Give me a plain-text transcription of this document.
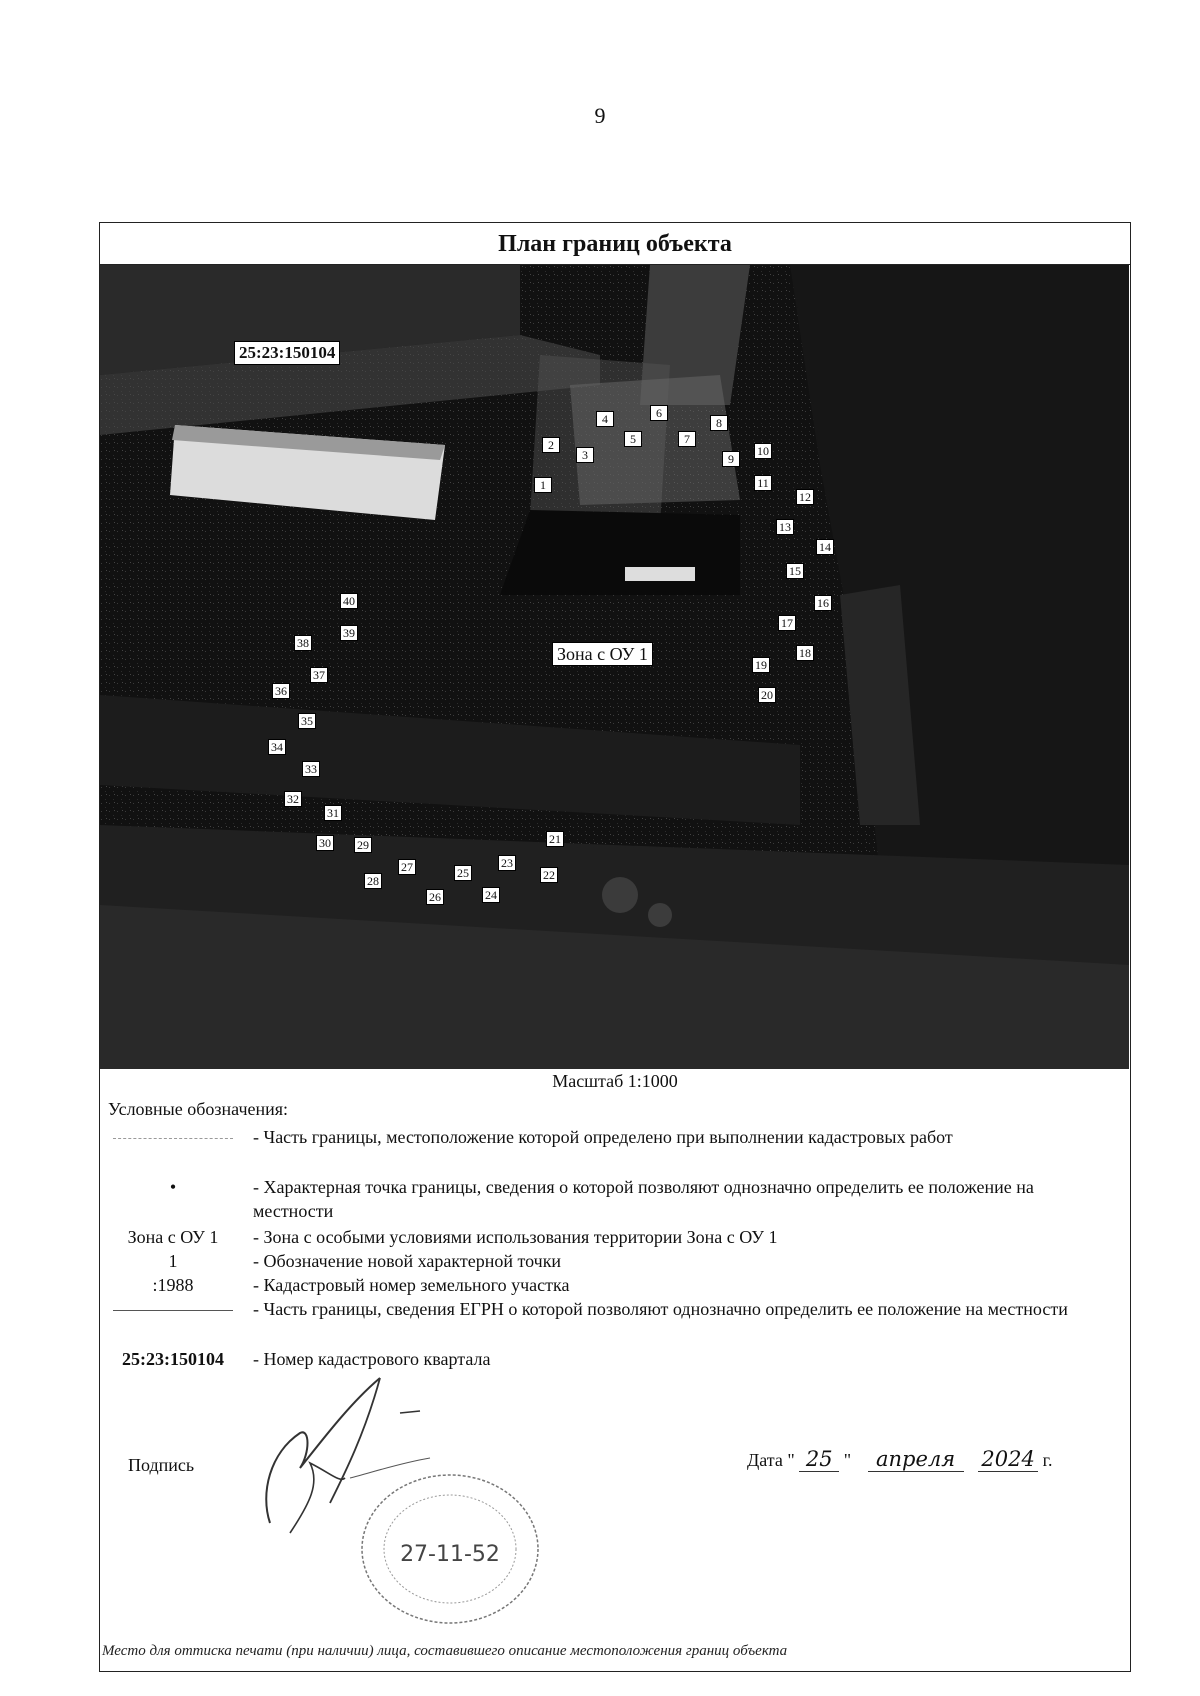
9
План границ объекта
25:23:150104
Зона с ОУ 1
1
2
3
4
5
6
7
8
9
10
11
12
13
14
15
16
17
18
19
20
21
22
23
24
25
26
27
28
29
30
31
32
33
34
35
36
37
38
39
40
Масштаб 1:1000
Условные обозначения:
- Часть границы, местоположение которой определено при выполнении кадастровых работ
•	- Характерная точка границы, сведения о которой позволяют однозначно определить ее положение на местности
Зона с ОУ 1	- Зона с особыми условиями использования территории Зона с ОУ 1
1	- Обозначение новой характерной точки
:1988	- Кадастровый номер земельного участка
- Часть границы, сведения ЕГРН о которой позволяют однозначно определить ее положение на местности
25:23:150104	- Номер кадастрового квартала
Подпись
27-11-52
Дата " 25 " апреля 2024 г.
Место для оттиска печати (при наличии) лица, составившего описание местоположения границ объекта
